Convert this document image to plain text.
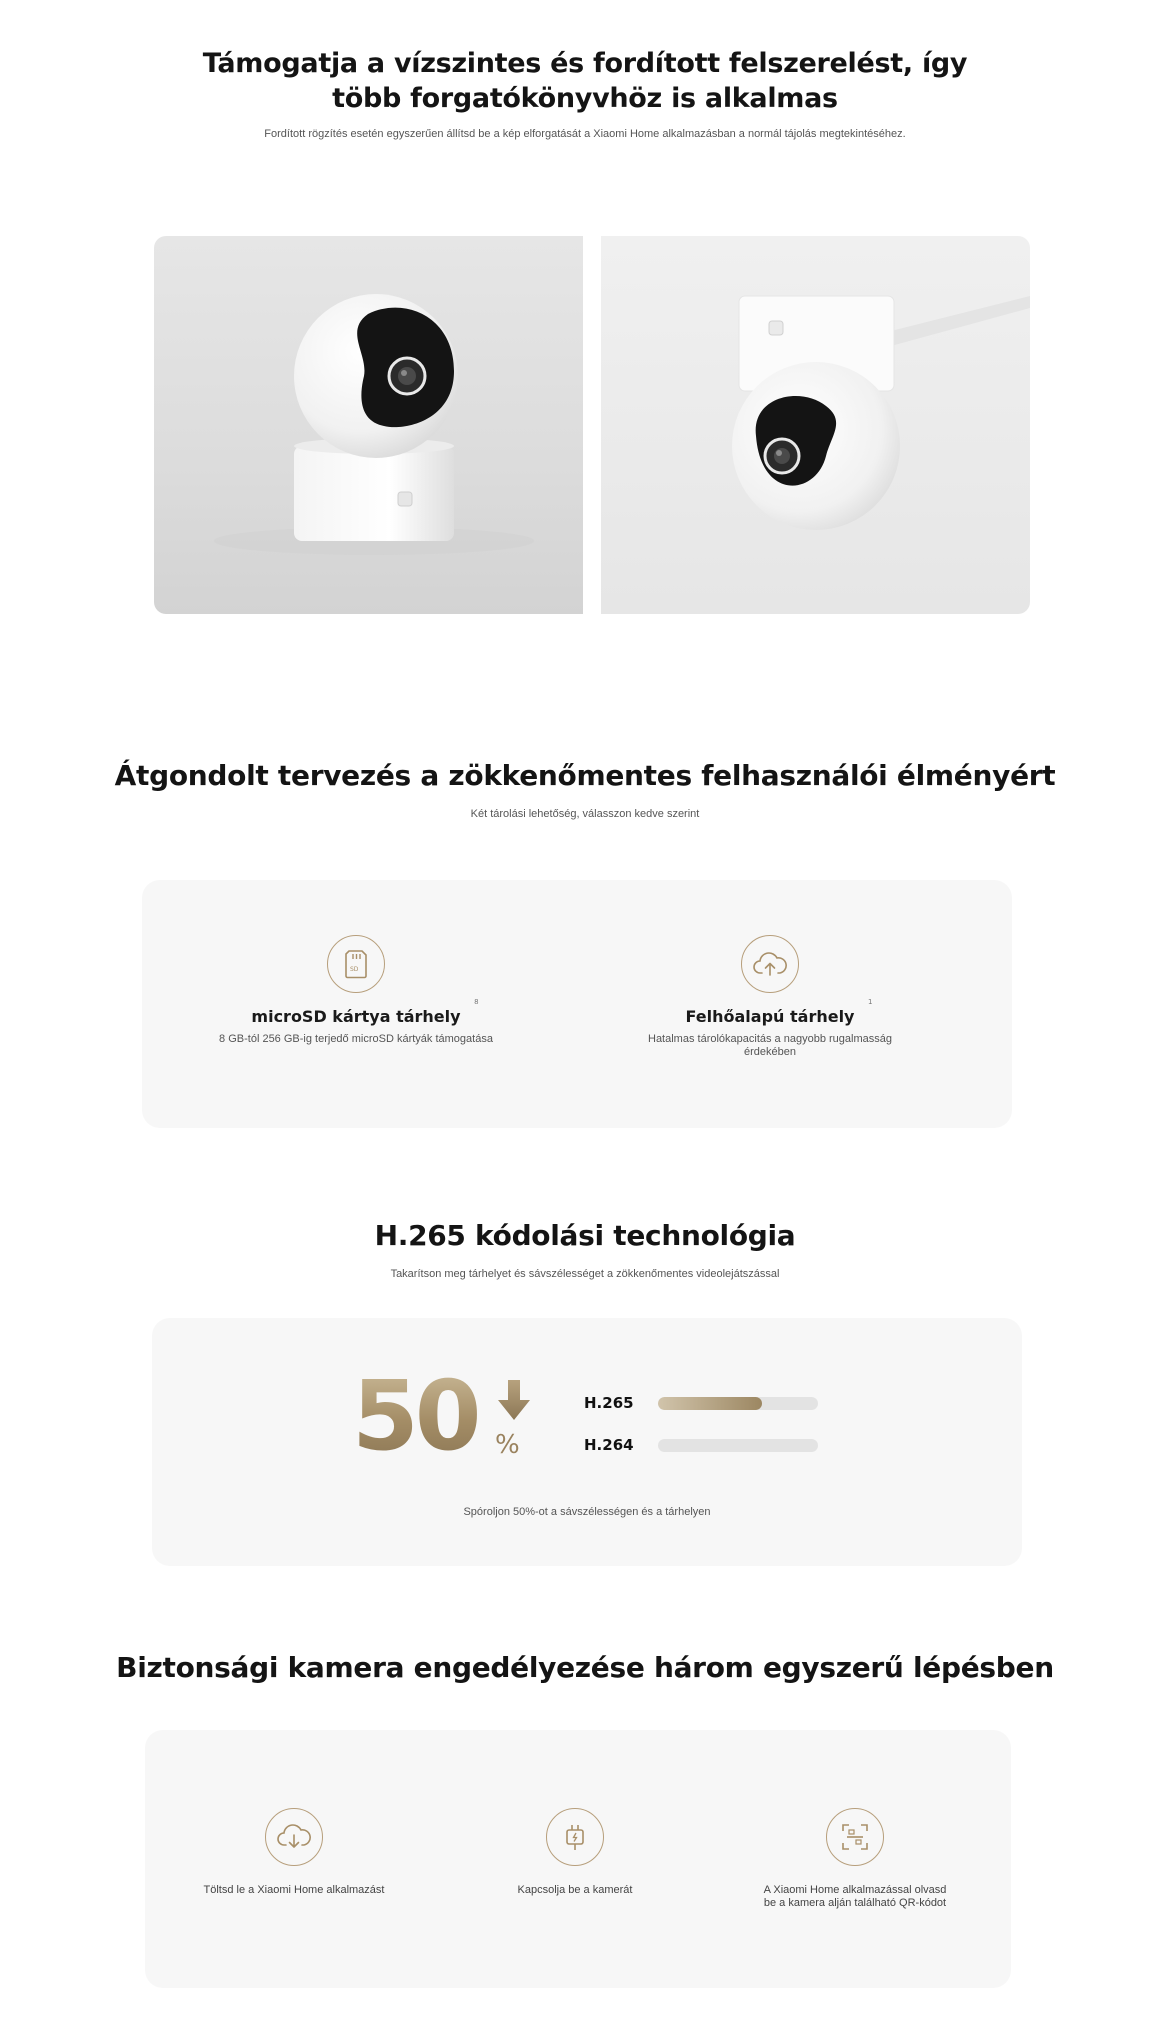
Támogatja a vízszintes és fordított felszerelést, így
több forgatókönyvhöz is alkalmas
Fordított rögzítés esetén egyszerűen állítsd be a kép elforgatását a Xiaomi Home alkalmazásban a normál tájolás megtekintéséhez.
Átgondolt tervezés a zökkenőmentes felhasználói élményért
Két tárolási lehetőség, válasszon kedve szerint
SD
microSD kártya tárhely
8
8 GB-tól 256 GB-ig terjedő microSD kártyák támogatása
Felhőalapú tárhely
1
Hatalmas tárolókapacitás a nagyobb rugalmasság
érdekében
H.265 kódolási technológia
Takarítson meg tárhelyet és sávszélességet a zökkenőmentes videolejátszással
50 %
H.265
H.264
Spóroljon 50%-ot a sávszélességen és a tárhelyen
Biztonsági kamera engedélyezése három egyszerű lépésben
Töltsd le a Xiaomi Home alkalmazást	Kapcsolja be a kamerát	A Xiaomi Home alkalmazással olvasd
be a kamera alján található QR-kódot
